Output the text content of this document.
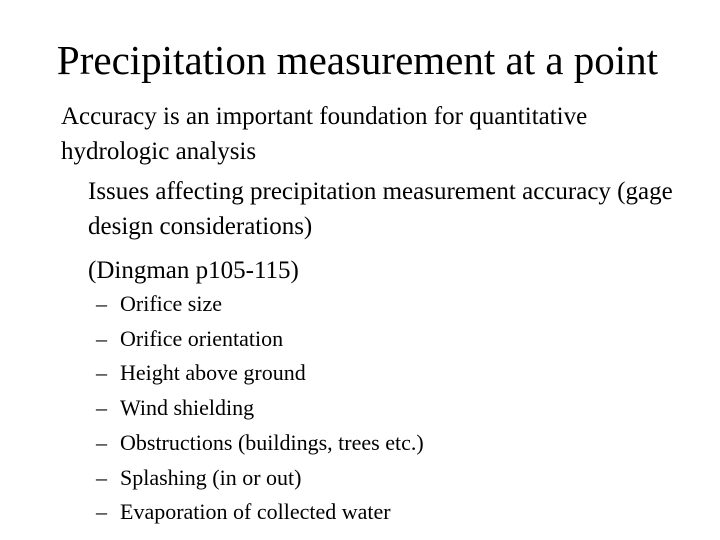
Precipitation measurement at a point
Accuracy is an important foundation for quantitative hydrologic analysis
Issues affecting precipitation measurement accuracy (gage design considerations)
(Dingman p105-115)
– Orifice size
– Orifice orientation
– Height above ground
– Wind shielding
– Obstructions (buildings, trees etc.)
– Splashing (in or out)
– Evaporation of collected water
